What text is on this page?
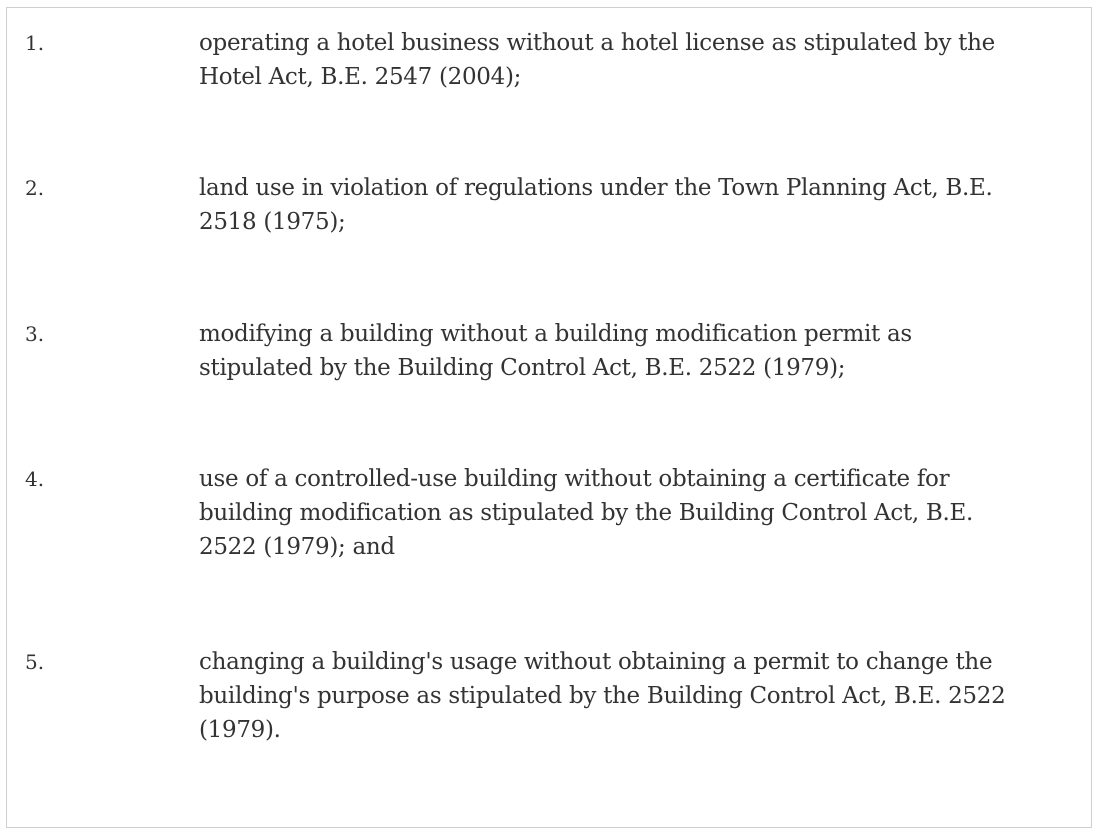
1.	operating a hotel business without a hotel license as stipulated by the
Hotel Act, B.E. 2547 (2004);
2.	land use in violation of regulations under the Town Planning Act, B.E.
2518 (1975);
3.	modifying a building without a building modification permit as
stipulated by the Building Control Act, B.E. 2522 (1979);
4.	use of a controlled-use building without obtaining a certificate for
building modification as stipulated by the Building Control Act, B.E.
2522 (1979); and
5.	changing a building's usage without obtaining a permit to change the
building's purpose as stipulated by the Building Control Act, B.E. 2522
(1979).
